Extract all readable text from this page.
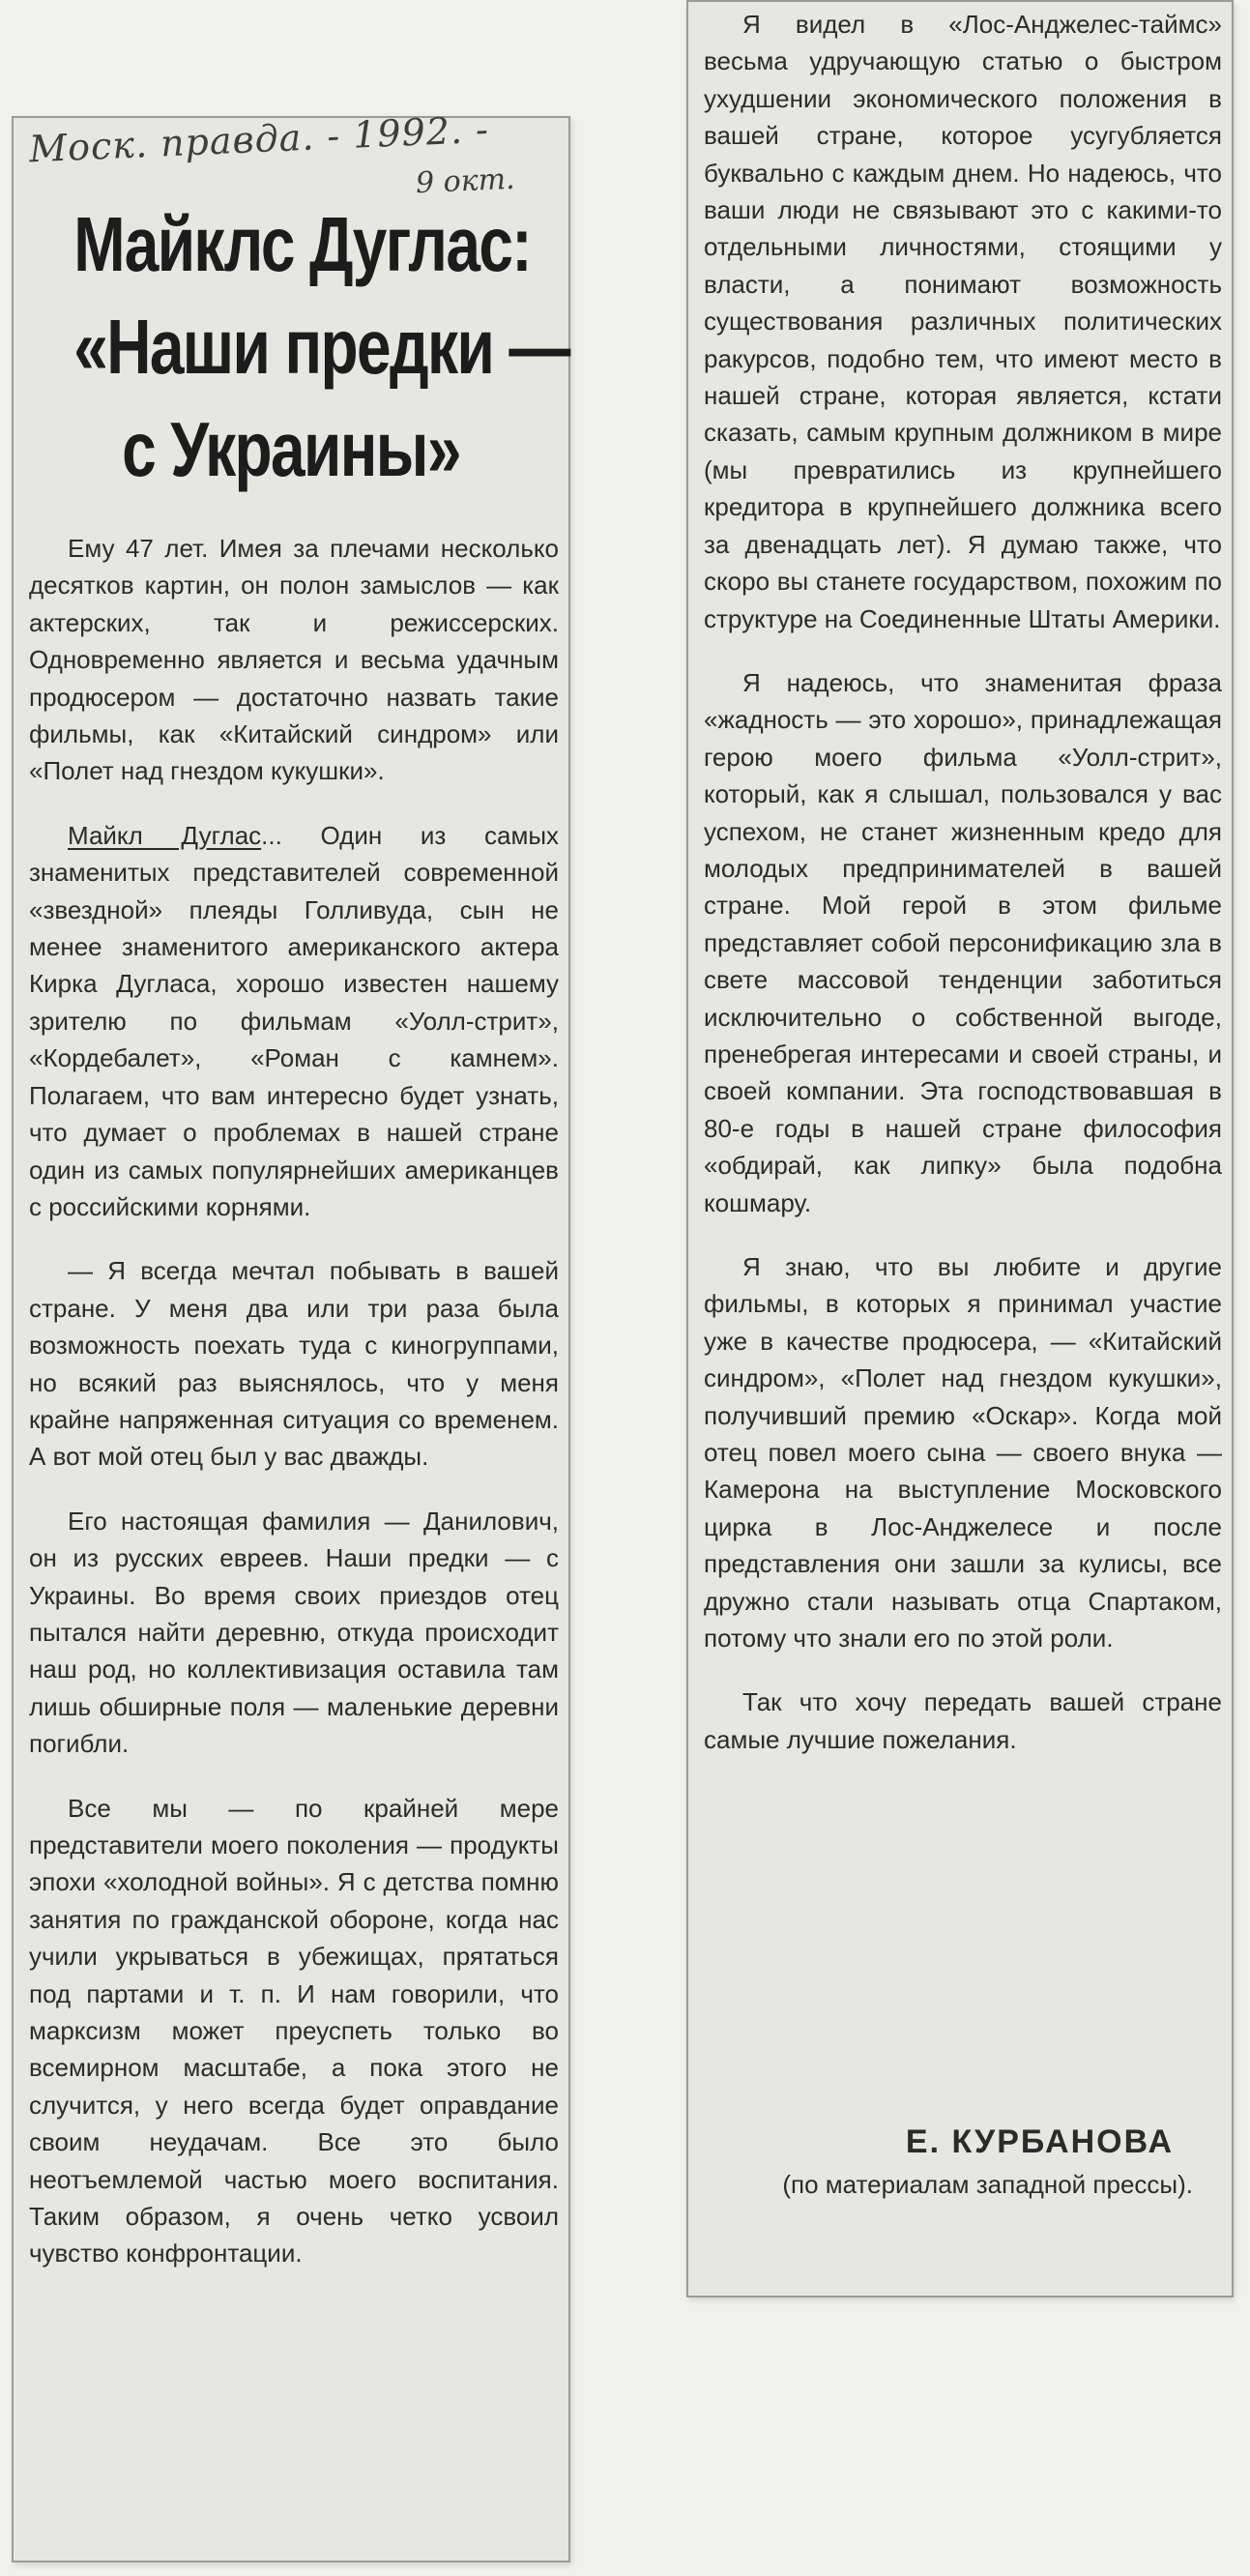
Моск. правда. - 1992. -
9 окт.
Майклс Дуглас:
«Наши предки —
с Украины»

Ему 47 лет. Имея за плечами несколько десятков картин, он полон замыслов — как актерских, так и режиссерских. Одновременно является и весьма удачным продюсером — достаточно назвать такие фильмы, как «Китайский синдром» или «Полет над гнездом кукушки».

Майкл Дуглас... Один из самых знаменитых представителей современной «звездной» плеяды Голливуда, сын не менее знаменитого американского актера Кирка Дугласа, хорошо известен нашему зрителю по фильмам «Уолл-стрит», «Кордебалет», «Роман с камнем». Полагаем, что вам интересно будет узнать, что думает о проблемах в нашей стране один из самых популярнейших американцев с российскими корнями.

— Я всегда мечтал побывать в вашей стране. У меня два или три раза была возможность поехать туда с киногруппами, но всякий раз выяснялось, что у меня крайне напряженная ситуация со временем. А вот мой отец был у вас дважды.

Его настоящая фамилия — Данилович, он из русских евреев. Наши предки — с Украины. Во время своих приездов отец пытался найти деревню, откуда происходит наш род, но коллективизация оставила там лишь обширные поля — маленькие деревни погибли.

Все мы — по крайней мере представители моего поколения — продукты эпохи «холодной войны». Я с детства помню занятия по гражданской обороне, когда нас учили укрываться в убежищах, прятаться под партами и т. п. И нам говорили, что марксизм может преуспеть только во всемирном масштабе, а пока этого не случится, у него всегда будет оправдание своим неудачам. Все это было неотъемлемой частью моего воспитания. Таким образом, я очень четко усвоил чувство конфронтации.

Я видел в «Лос-Анджелес-таймс» весьма удручающую статью о быстром ухудшении экономического положения в вашей стране, которое усугубляется буквально с каждым днем. Но надеюсь, что ваши люди не связывают это с какими-то отдельными личностями, стоящими у власти, а понимают возможность существования различных политических ракурсов, подобно тем, что имеют место в нашей стране, которая является, кстати сказать, самым крупным должником в мире (мы превратились из крупнейшего кредитора в крупнейшего должника всего за двенадцать лет). Я думаю также, что скоро вы станете государством, похожим по структуре на Соединенные Штаты Америки.

Я надеюсь, что знаменитая фраза «жадность — это хорошо», принадлежащая герою моего фильма «Уолл-стрит», который, как я слышал, пользовался у вас успехом, не станет жизненным кредо для молодых предпринимателей в вашей стране. Мой герой в этом фильме представляет собой персонификацию зла в свете массовой тенденции заботиться исключительно о собственной выгоде, пренебрегая интересами и своей страны, и своей компании. Эта господствовавшая в 80-е годы в нашей стране философия «обдирай, как липку» была подобна кошмару.

Я знаю, что вы любите и другие фильмы, в которых я принимал участие уже в качестве продюсера, — «Китайский синдром», «Полет над гнездом кукушки», получивший премию «Оскар». Когда мой отец повел моего сына — своего внука — Камерона на выступление Московского цирка в Лос-Анджелесе и после представления они зашли за кулисы, все дружно стали называть отца Спартаком, потому что знали его по этой роли.

Так что хочу передать вашей стране самые лучшие пожелания.

Е. КУРБАНОВА
(по материалам западной прессы).
